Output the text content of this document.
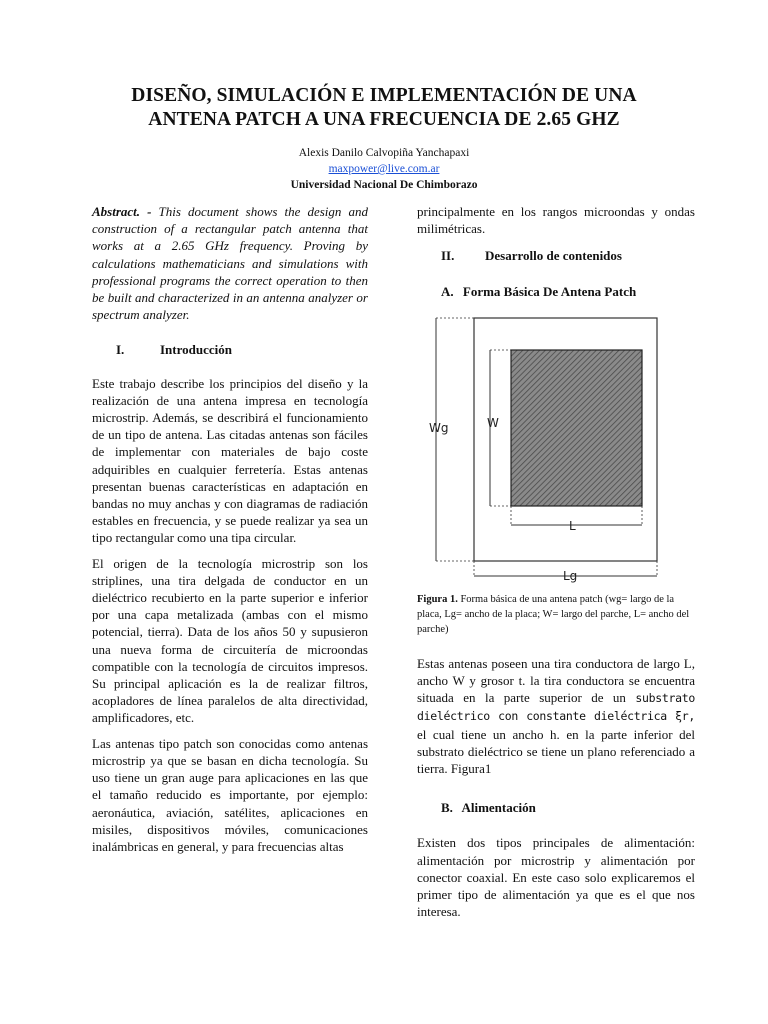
DISEÑO, SIMULACIÓN E IMPLEMENTACIÓN DE UNA
ANTENA PATCH A UNA FRECUENCIA DE 2.65 GHZ
Alexis Danilo Calvopiña Yanchapaxi
maxpower@live.com.ar
Universidad Nacional De Chimborazo
Abstract. - This document shows the design and construction of a rectangular patch antenna that works at a 2.65 GHz frequency. Proving by calculations mathematicians and simulations with professional programs the correct operation to then be built and characterized in an antenna analyzer or spectrum analyzer.
I.	Introducción

Este trabajo describe los principios del diseño y la realización de una antena impresa en tecnología microstrip. Además, se describirá el funcionamiento de un tipo de antena. Las citadas antenas son fáciles de implementar con materiales de bajo coste adquiribles en cualquier ferretería. Estas antenas presentan buenas características en adaptación en bandas no muy anchas y con diagramas de radiación estables en frecuencia, y se puede realizar ya sea un tipo rectangular como una tipa circular.

El origen de la tecnología microstrip son los striplines, una tira delgada de conductor en un dieléctrico recubierto en la parte superior e inferior por una capa metalizada (ambas con el mismo potencial, tierra). Data de los años 50 y supusieron una nueva forma de circuitería de microondas compatible con la tecnología de circuitos impresos. Su principal aplicación es la de realizar filtros, acopladores de línea paralelos de alta directividad, amplificadores, etc.

Las antenas tipo patch son conocidas como antenas microstrip ya que se basan en dicha tecnología. Su uso tiene un gran auge para aplicaciones en las que el tamaño reducido es importante, por ejemplo: aeronáutica, aviación, satélites, aplicaciones en misiles, dispositivos móviles, comunicaciones inalámbricas en general, y para frecuencias altas

principalmente en los rangos microondas y ondas milimétricas.

II.	Desarrollo de contenidos
A. Forma Básica De Antena Patch
Wg	W
L
Lg
Figura 1. Forma básica de una antena patch (wg= largo de la placa, Lg= ancho de la placa; W= largo del parche, L= ancho del parche)

Estas antenas poseen una tira conductora de largo L, ancho W y grosor t. la tira conductora se encuentra situada en la parte superior de un substrato dieléctrico con constante dieléctrica ξr, el cual tiene un ancho h. en la parte inferior del substrato dieléctrico se tiene un plano referenciado a tierra. Figura1

B. Alimentación

Existen dos tipos principales de alimentación: alimentación por microstrip y alimentación por conector coaxial. En este caso solo explicaremos el primer tipo de alimentación ya que es el que nos interesa.
